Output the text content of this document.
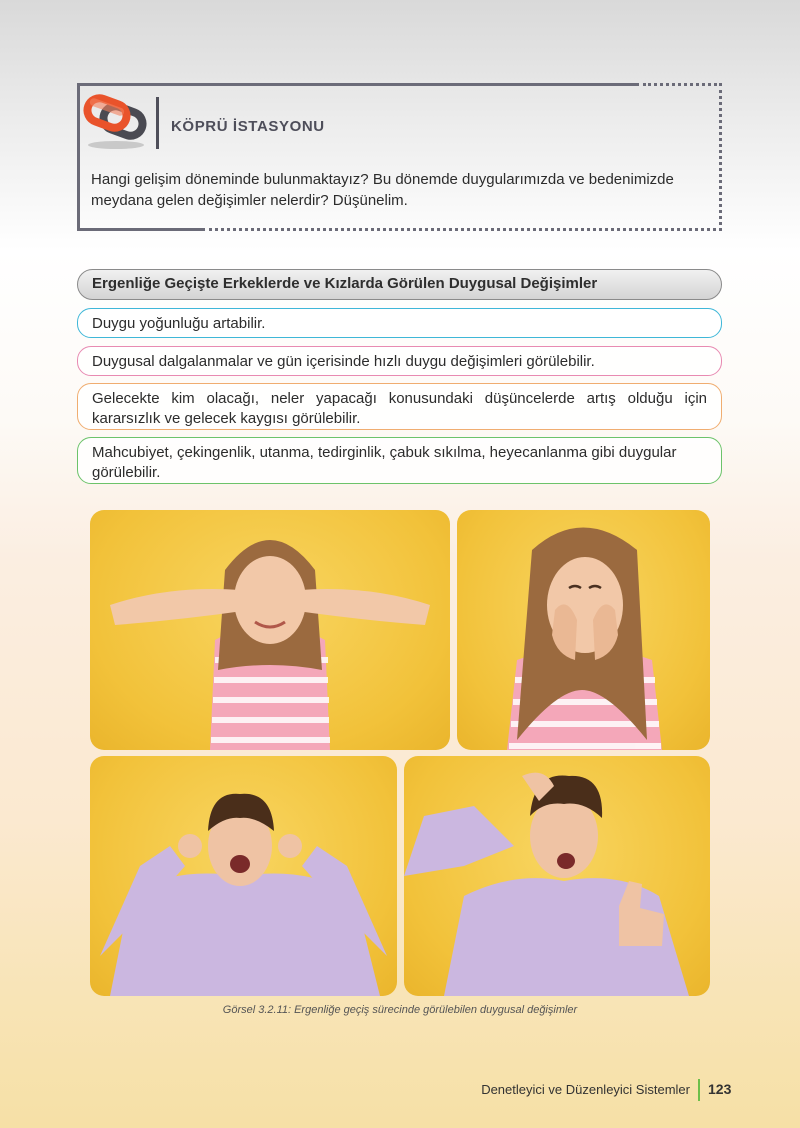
KÖPRÜ İSTASYONU
Hangi gelişim döneminde bulunmaktayız? Bu dönemde duygularımızda ve bedenimizde meydana gelen değişimler nelerdir? Düşünelim.
Ergenliğe Geçişte Erkeklerde ve Kızlarda Görülen Duygusal Değişimler
Duygu yoğunluğu artabilir.
Duygusal dalgalanmalar ve gün içerisinde hızlı duygu değişimleri görülebilir.
Gelecekte kim olacağı, neler yapacağı konusundaki düşüncelerde artış olduğu için kararsızlık ve gelecek kaygısı görülebilir.
Mahcubiyet, çekingenlik, utanma, tedirginlik, çabuk sıkılma, heyecanlanma gibi duygular görülebilir.
Görsel 3.2.11: Ergenliğe geçiş sürecinde görülebilen duygusal değişimler
Denetleyici ve Düzenleyici Sistemler 123
